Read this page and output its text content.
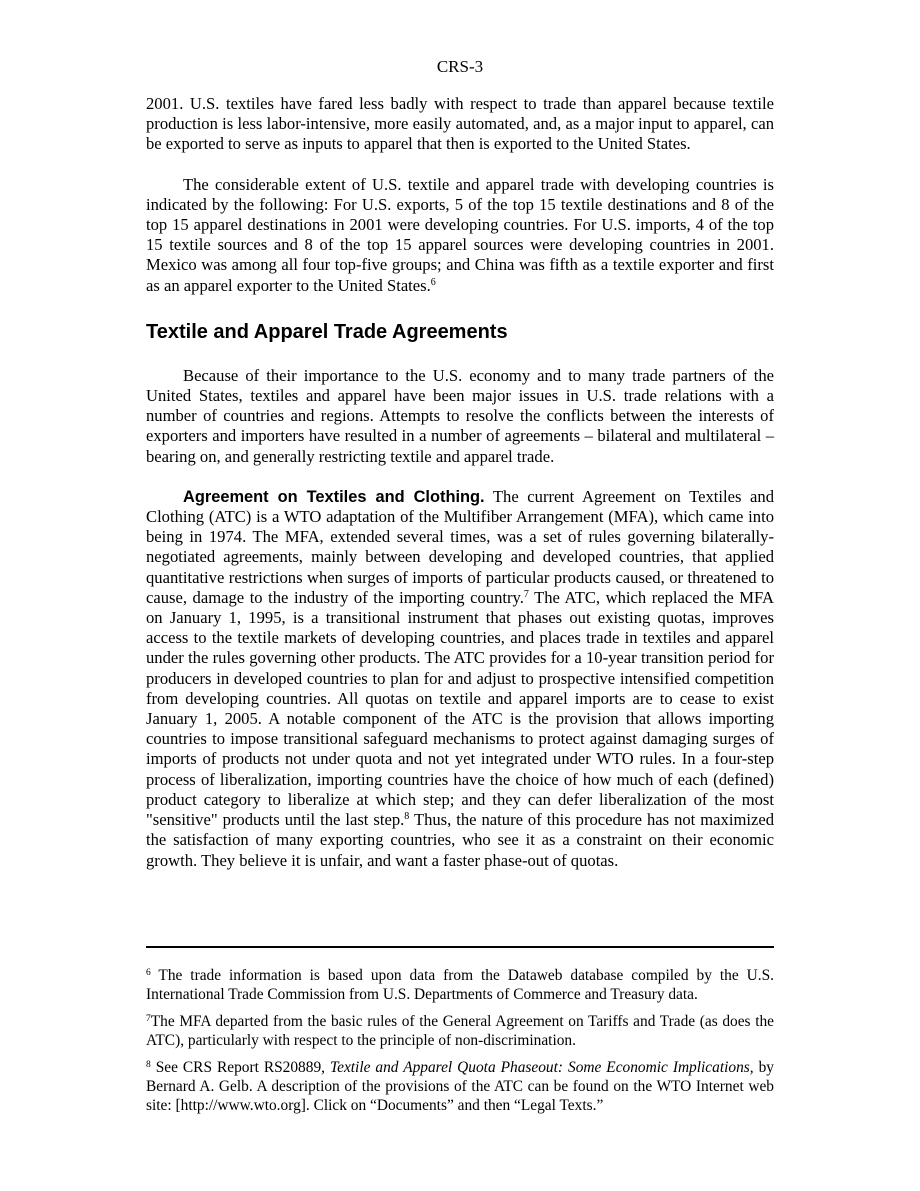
CRS-3

2001. U.S. textiles have fared less badly with respect to trade than apparel because textile production is less labor-intensive, more easily automated, and, as a major input to apparel, can be exported to serve as inputs to apparel that then is exported to the United States.

The considerable extent of U.S. textile and apparel trade with developing countries is indicated by the following: For U.S. exports, 5 of the top 15 textile destinations and 8 of the top 15 apparel destinations in 2001 were developing countries. For U.S. imports, 4 of the top 15 textile sources and 8 of the top 15 apparel sources were developing countries in 2001. Mexico was among all four top-five groups; and China was fifth as a textile exporter and first as an apparel exporter to the United States.$^6$

Textile and Apparel Trade Agreements

Because of their importance to the U.S. economy and to many trade partners of the United States, textiles and apparel have been major issues in U.S. trade relations with a number of countries and regions. Attempts to resolve the conflicts between the interests of exporters and importers have resulted in a number of agreements – bilateral and multilateral – bearing on, and generally restricting textile and apparel trade.

Agreement on Textiles and Clothing. The current Agreement on Textiles and Clothing (ATC) is a WTO adaptation of the Multifiber Arrangement (MFA), which came into being in 1974. The MFA, extended several times, was a set of rules governing bilaterally-negotiated agreements, mainly between developing and developed countries, that applied quantitative restrictions when surges of imports of particular products caused, or threatened to cause, damage to the industry of the importing country.$^7$ The ATC, which replaced the MFA on January 1, 1995, is a transitional instrument that phases out existing quotas, improves access to the textile markets of developing countries, and places trade in textiles and apparel under the rules governing other products. The ATC provides for a 10-year transition period for producers in developed countries to plan for and adjust to prospective intensified competition from developing countries. All quotas on textile and apparel imports are to cease to exist January 1, 2005. A notable component of the ATC is the provision that allows importing countries to impose transitional safeguard mechanisms to protect against damaging surges of imports of products not under quota and not yet integrated under WTO rules. In a four-step process of liberalization, importing countries have the choice of how much of each (defined) product category to liberalize at which step; and they can defer liberalization of the most "sensitive" products until the last step.$^8$ Thus, the nature of this procedure has not maximized the satisfaction of many exporting countries, who see it as a constraint on their economic growth. They believe it is unfair, and want a faster phase-out of quotas.

$^6$ The trade information is based upon data from the Dataweb database compiled by the U.S. International Trade Commission from U.S. Departments of Commerce and Treasury data.

$^7$The MFA departed from the basic rules of the General Agreement on Tariffs and Trade (as does the ATC), particularly with respect to the principle of non-discrimination.

$^8$ See CRS Report RS20889, Textile and Apparel Quota Phaseout: Some Economic Implications, by Bernard A. Gelb. A description of the provisions of the ATC can be found on the WTO Internet web site: [http://www.wto.org]. Click on “Documents” and then “Legal Texts.”
